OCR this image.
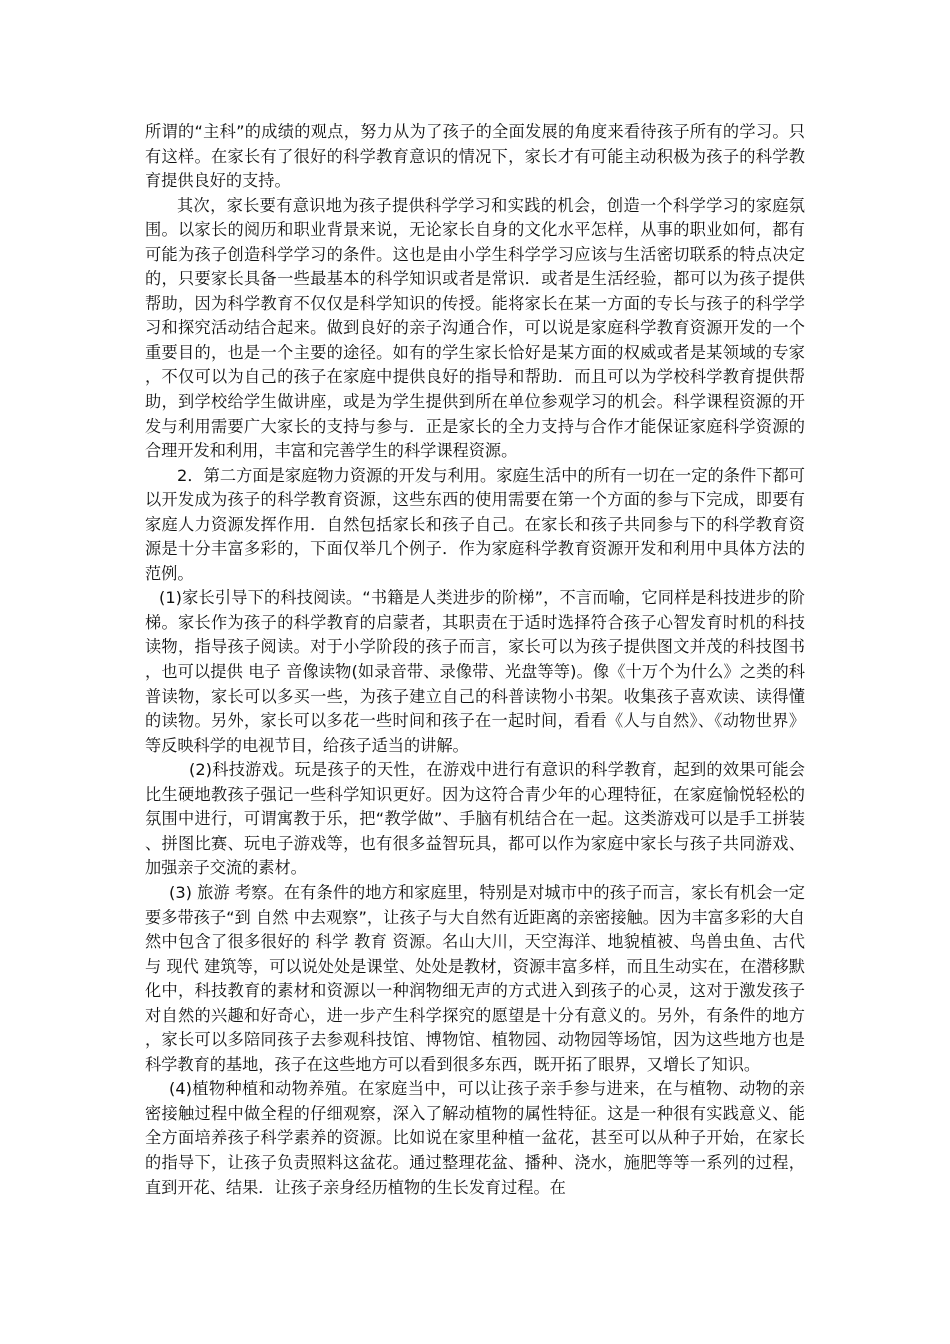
所谓的“主科”的成绩的观点，努力从为了孩子的全面发展的角度来看待孩子所有的学习。只有这样。在家长有了很好的科学教育意识的情况下，家长才有可能主动积极为孩子的科学教育提供良好的支持。

其次，家长要有意识地为孩子提供科学学习和实践的机会，创造一个科学学习的家庭氛围。以家长的阅历和职业背景来说，无论家长自身的文化水平怎样，从事的职业如何，都有可能为孩子创造科学学习的条件。这也是由小学生科学学习应该与生活密切联系的特点决定的，只要家长具备一些最基本的科学知识或者是常识．或者是生活经验，都可以为孩子提供帮助，因为科学教育不仅仅是科学知识的传授。能将家长在某一方面的专长与孩子的科学学习和探究活动结合起来。做到良好的亲子沟通合作，可以说是家庭科学教育资源开发的一个重要目的，也是一个主要的途径。如有的学生家长恰好是某方面的权威或者是某领域的专家，不仅可以为自己的孩子在家庭中提供良好的指导和帮助．而且可以为学校科学教育提供帮助，到学校给学生做讲座，或是为学生提供到所在单位参观学习的机会。科学课程资源的开发与利用需要广大家长的支持与参与．正是家长的全力支持与合作才能保证家庭科学资源的合理开发和利用，丰富和完善学生的科学课程资源。

2．第二方面是家庭物力资源的开发与利用。家庭生活中的所有一切在一定的条件下都可以开发成为孩子的科学教育资源，这些东西的使用需要在第一个方面的参与下完成，即要有家庭人力资源发挥作用．自然包括家长和孩子自己。在家长和孩子共同参与下的科学教育资源是十分丰富多彩的，下面仅举几个例子．作为家庭科学教育资源开发和利用中具体方法的范例。

(1)家长引导下的科技阅读。“书籍是人类进步的阶梯”，不言而喻，它同样是科技进步的阶梯。家长作为孩子的科学教育的启蒙者，其职责在于适时选择符合孩子心智发育时机的科技读物，指导孩子阅读。对于小学阶段的孩子而言，家长可以为孩子提供图文并茂的科技图书，也可以提供 电子 音像读物(如录音带、录像带、光盘等等)。像《十万个为什么》之类的科普读物，家长可以多买一些，为孩子建立自己的科普读物小书架。收集孩子喜欢读、读得懂的读物。另外，家长可以多花一些时间和孩子在一起时间，看看《人与自然》、《动物世界》等反映科学的电视节目，给孩子适当的讲解。

(2)科技游戏。玩是孩子的天性，在游戏中进行有意识的科学教育，起到的效果可能会比生硬地教孩子强记一些科学知识更好。因为这符合青少年的心理特征，在家庭愉悦轻松的氛围中进行，可谓寓教于乐，把“教学做”、手脑有机结合在一起。这类游戏可以是手工拼装、拼图比赛、玩电子游戏等，也有很多益智玩具，都可以作为家庭中家长与孩子共同游戏、加强亲子交流的素材。

(3) 旅游 考察。在有条件的地方和家庭里，特别是对城市中的孩子而言，家长有机会一定要多带孩子“到 自然 中去观察”，让孩子与大自然有近距离的亲密接触。因为丰富多彩的大自然中包含了很多很好的 科学 教育 资源。名山大川，天空海洋、地貌植被、鸟兽虫鱼、古代与 现代 建筑等，可以说处处是课堂、处处是教材，资源丰富多样，而且生动实在，在潜移默化中，科技教育的素材和资源以一种润物细无声的方式进入到孩子的心灵，这对于激发孩子对自然的兴趣和好奇心，进一步产生科学探究的愿望是十分有意义的。另外，有条件的地方，家长可以多陪同孩子去参观科技馆、博物馆、植物园、动物园等场馆，因为这些地方也是科学教育的基地，孩子在这些地方可以看到很多东西，既开拓了眼界，又增长了知识。

(4)植物种植和动物养殖。在家庭当中，可以让孩子亲手参与进来，在与植物、动物的亲密接触过程中做全程的仔细观察，深入了解动植物的属性特征。这是一种很有实践意义、能全方面培养孩子科学素养的资源。比如说在家里种植一盆花，甚至可以从种子开始，在家长的指导下，让孩子负责照料这盆花。通过整理花盆、播种、浇水，施肥等等一系列的过程，直到开花、结果．让孩子亲身经历植物的生长发育过程。在
